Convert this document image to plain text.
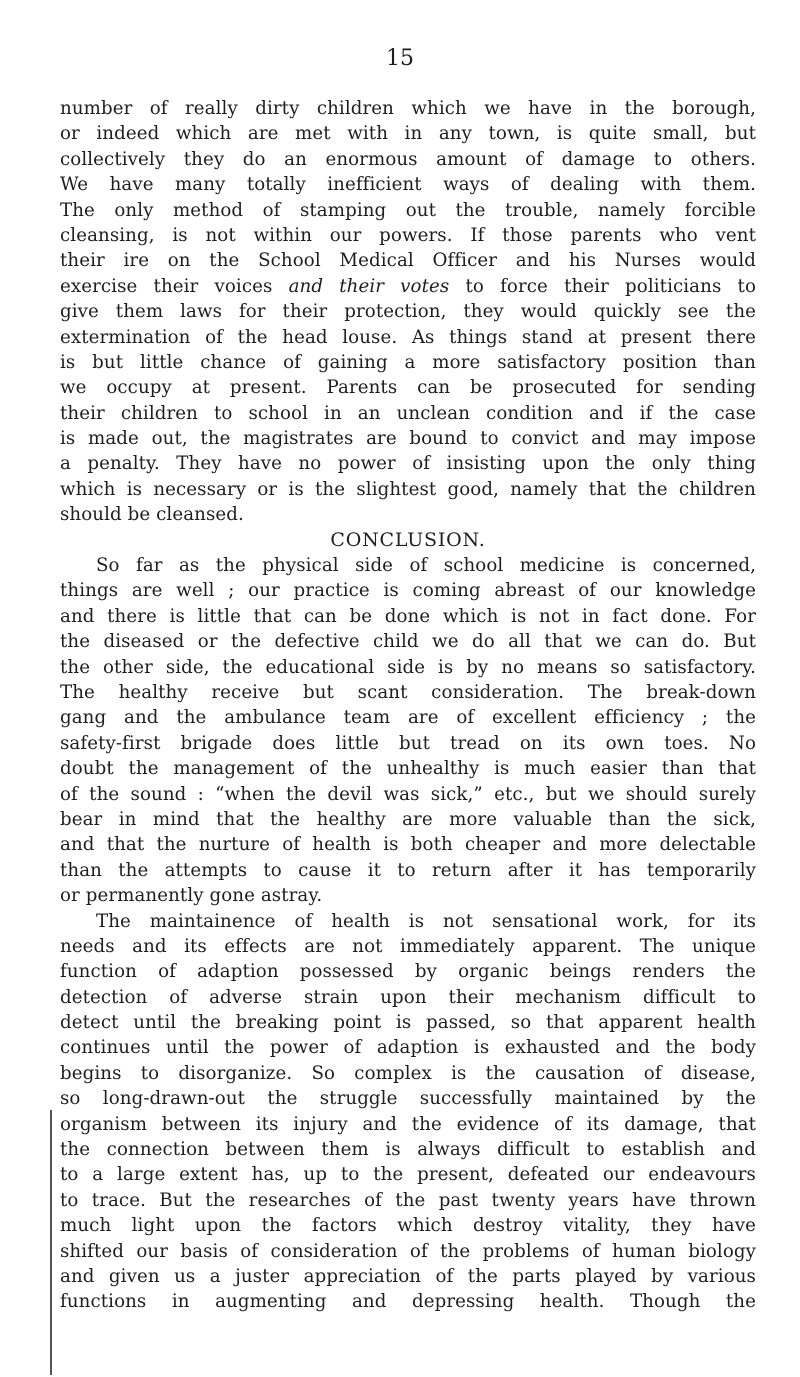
15
number of really dirty children which we have in the borough,
or indeed which are met with in any town, is quite small, but
collectively they do an enormous amount of damage to others.
We have many totally inefficient ways of dealing with them.
The only method of stamping out the trouble, namely forcible
cleansing, is not within our powers. If those parents who vent
their ire on the School Medical Officer and his Nurses would
exercise their voices and their votes to force their politicians to
give them laws for their protection, they would quickly see the
extermination of the head louse. As things stand at present there
is but little chance of gaining a more satisfactory position than
we occupy at present. Parents can be prosecuted for sending
their children to school in an unclean condition and if the case
is made out, the magistrates are bound to convict and may impose
a penalty. They have no power of insisting upon the only thing
which is necessary or is the slightest good, namely that the children
should be cleansed.
CONCLUSION.
So far as the physical side of school medicine is concerned,
things are well ; our practice is coming abreast of our knowledge
and there is little that can be done which is not in fact done. For
the diseased or the defective child we do all that we can do. But
the other side, the educational side is by no means so satisfactory.
The healthy receive but scant consideration. The break-down
gang and the ambulance team are of excellent efficiency ; the
safety-first brigade does little but tread on its own toes. No
doubt the management of the unhealthy is much easier than that
of the sound : “when the devil was sick,” etc., but we should surely
bear in mind that the healthy are more valuable than the sick,
and that the nurture of health is both cheaper and more delectable
than the attempts to cause it to return after it has temporarily
or permanently gone astray.
The maintainence of health is not sensational work, for its
needs and its effects are not immediately apparent. The unique
function of adaption possessed by organic beings renders the
detection of adverse strain upon their mechanism difficult to
detect until the breaking point is passed, so that apparent health
continues until the power of adaption is exhausted and the body
begins to disorganize. So complex is the causation of disease,
so long-drawn-out the struggle successfully maintained by the
organism between its injury and the evidence of its damage, that
the connection between them is always difficult to establish and
to a large extent has, up to the present, defeated our endeavours
to trace. But the researches of the past twenty years have thrown
much light upon the factors which destroy vitality, they have
shifted our basis of consideration of the problems of human biology
and given us a juster appreciation of the parts played by various
functions in augmenting and depressing health. Though the
